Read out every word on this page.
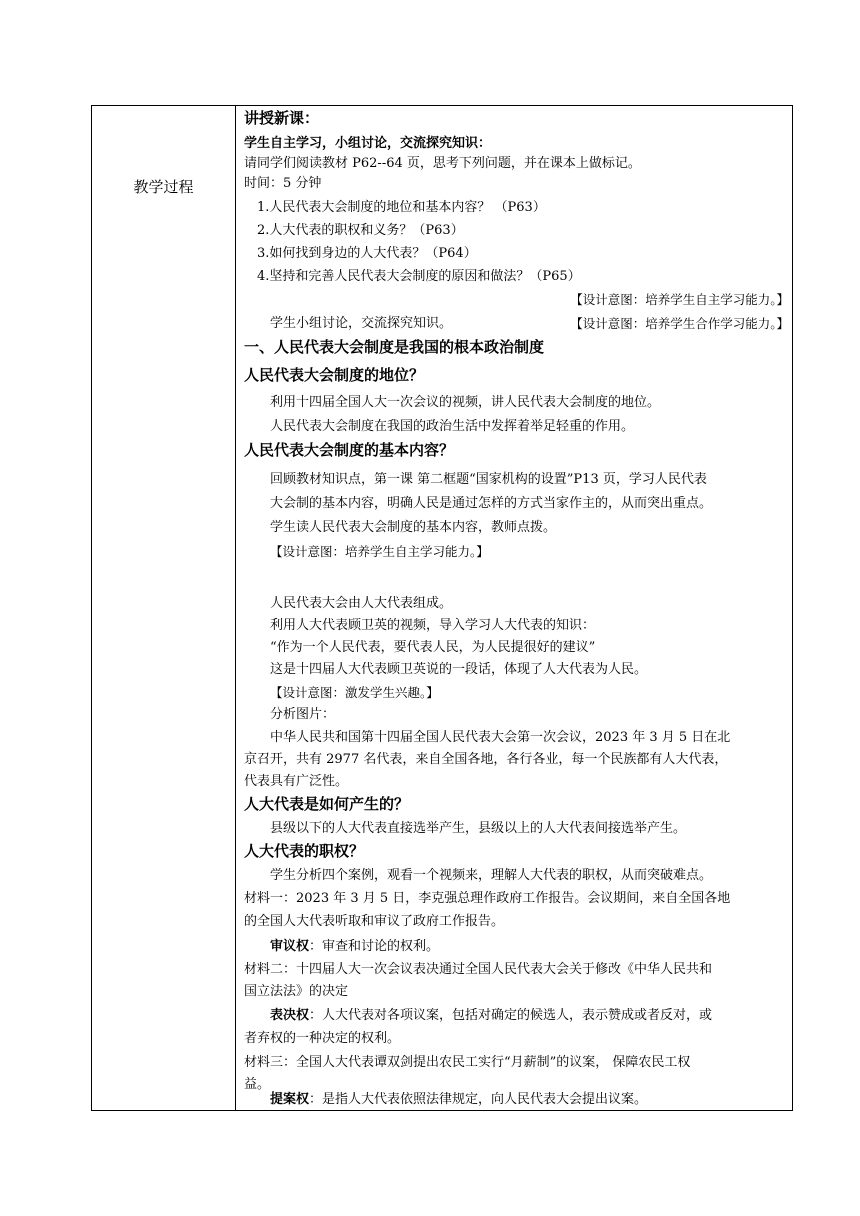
教学过程
讲授新课：
学生自主学习，小组讨论，交流探究知识：
请同学们阅读教材 P62--64 页，思考下列问题，并在课本上做标记。
时间：5 分钟
1.人民代表大会制度的地位和基本内容？ （P63）
2.人大代表的职权和义务？（P63）
3.如何找到身边的人大代表？（P64）
4.坚持和完善人民代表大会制度的原因和做法？（P65）
【设计意图：培养学生自主学习能力。】
学生小组讨论，交流探究知识。	【设计意图：培养学生合作学习能力。】
一、人民代表大会制度是我国的根本政治制度
人民代表大会制度的地位？
利用十四届全国人大一次会议的视频，讲人民代表大会制度的地位。
人民代表大会制度在我国的政治生活中发挥着举足轻重的作用。
人民代表大会制度的基本内容？
回顾教材知识点，第一课 第二框题“国家机构的设置”P13 页，学习人民代表
大会制的基本内容，明确人民是通过怎样的方式当家作主的，从而突出重点。
学生读人民代表大会制度的基本内容，教师点拨。
【设计意图：培养学生自主学习能力。】
人民代表大会由人大代表组成。
利用人大代表顾卫英的视频，导入学习人大代表的知识：
“作为一个人民代表，要代表人民，为人民提很好的建议”
这是十四届人大代表顾卫英说的一段话，体现了人大代表为人民。
【设计意图：激发学生兴趣。】
分析图片：
中华人民共和国第十四届全国人民代表大会第一次会议，2023 年 3 月 5 日在北
京召开，共有 2977 名代表，来自全国各地，各行各业，每一个民族都有人大代表，
代表具有广泛性。
人大代表是如何产生的？
县级以下的人大代表直接选举产生，县级以上的人大代表间接选举产生。
人大代表的职权？
学生分析四个案例，观看一个视频来，理解人大代表的职权，从而突破难点。
材料一：2023 年 3 月 5 日，李克强总理作政府工作报告。会议期间，来自全国各地
的全国人大代表听取和审议了政府工作报告。
审议权：审查和讨论的权利。
材料二：十四届人大一次会议表决通过全国人民代表大会关于修改《中华人民共和
国立法法》的决定
表决权：人大代表对各项议案，包括对确定的候选人，表示赞成或者反对，或
者弃权的一种决定的权利。
材料三：全国人大代表谭双剑提出农民工实行“月薪制”的议案， 保障农民工权
益。
提案权：是指人大代表依照法律规定，向人民代表大会提出议案。
